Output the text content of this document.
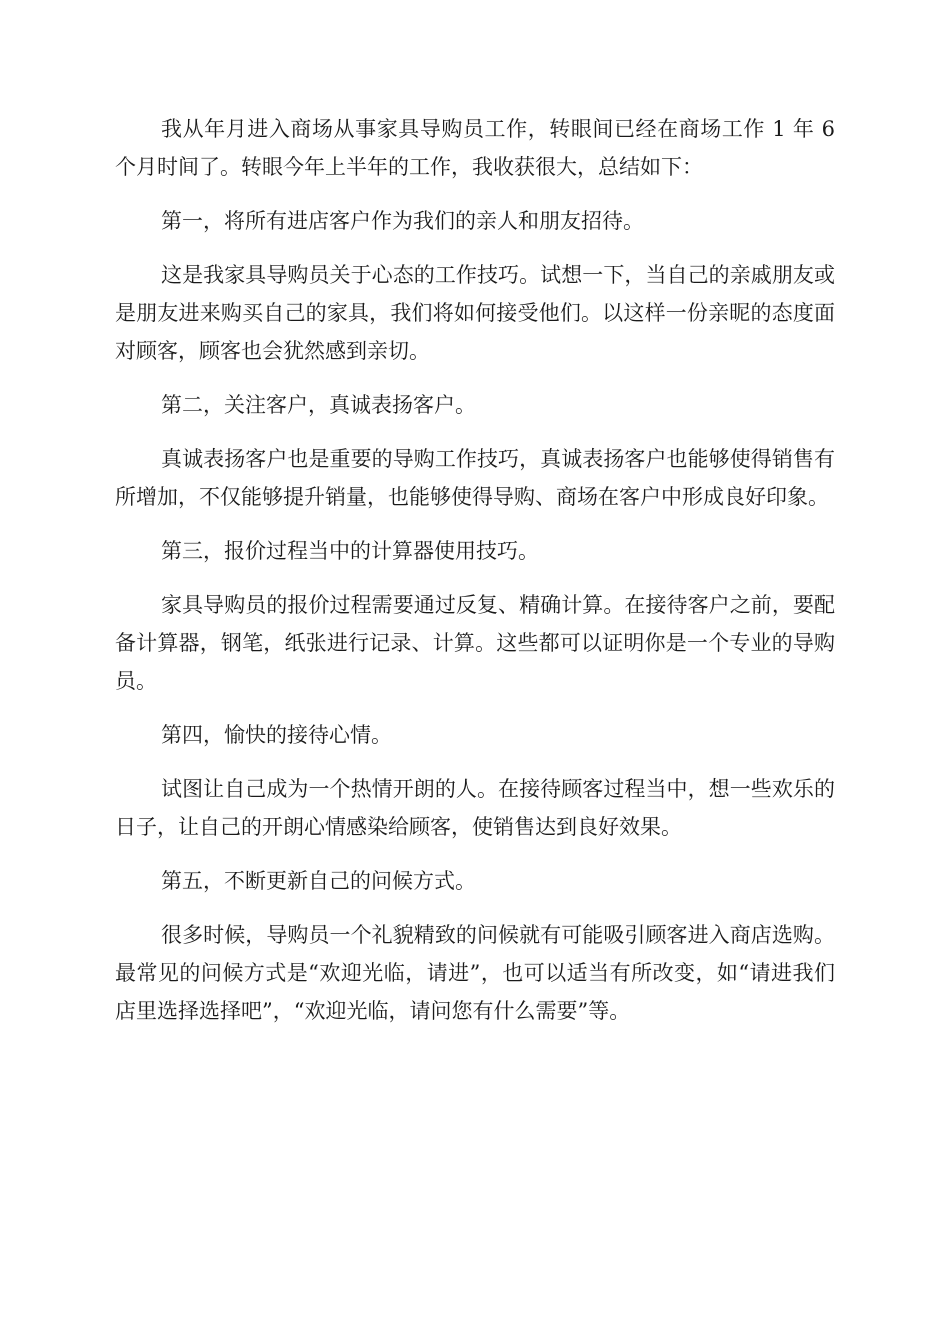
我从年月进入商场从事家具导购员工作，转眼间已经在商场工作 1 年 6 个月时间了。转眼今年上半年的工作，我收获很大，总结如下：

第一，将所有进店客户作为我们的亲人和朋友招待。

这是我家具导购员关于心态的工作技巧。试想一下，当自己的亲戚朋友或是朋友进来购买自己的家具，我们将如何接受他们。以这样一份亲昵的态度面对顾客，顾客也会犹然感到亲切。

第二，关注客户，真诚表扬客户。

真诚表扬客户也是重要的导购工作技巧，真诚表扬客户也能够使得销售有所增加，不仅能够提升销量，也能够使得导购、商场在客户中形成良好印象。

第三，报价过程当中的计算器使用技巧。

家具导购员的报价过程需要通过反复、精确计算。在接待客户之前，要配备计算器，钢笔，纸张进行记录、计算。这些都可以证明你是一个专业的导购员。

第四，愉快的接待心情。

试图让自己成为一个热情开朗的人。在接待顾客过程当中，想一些欢乐的日子，让自己的开朗心情感染给顾客，使销售达到良好效果。

第五，不断更新自己的问候方式。

很多时候，导购员一个礼貌精致的问候就有可能吸引顾客进入商店选购。最常见的问候方式是“欢迎光临，请进”，也可以适当有所改变，如“请进我们店里选择选择吧”，“欢迎光临，请问您有什么需要”等。
